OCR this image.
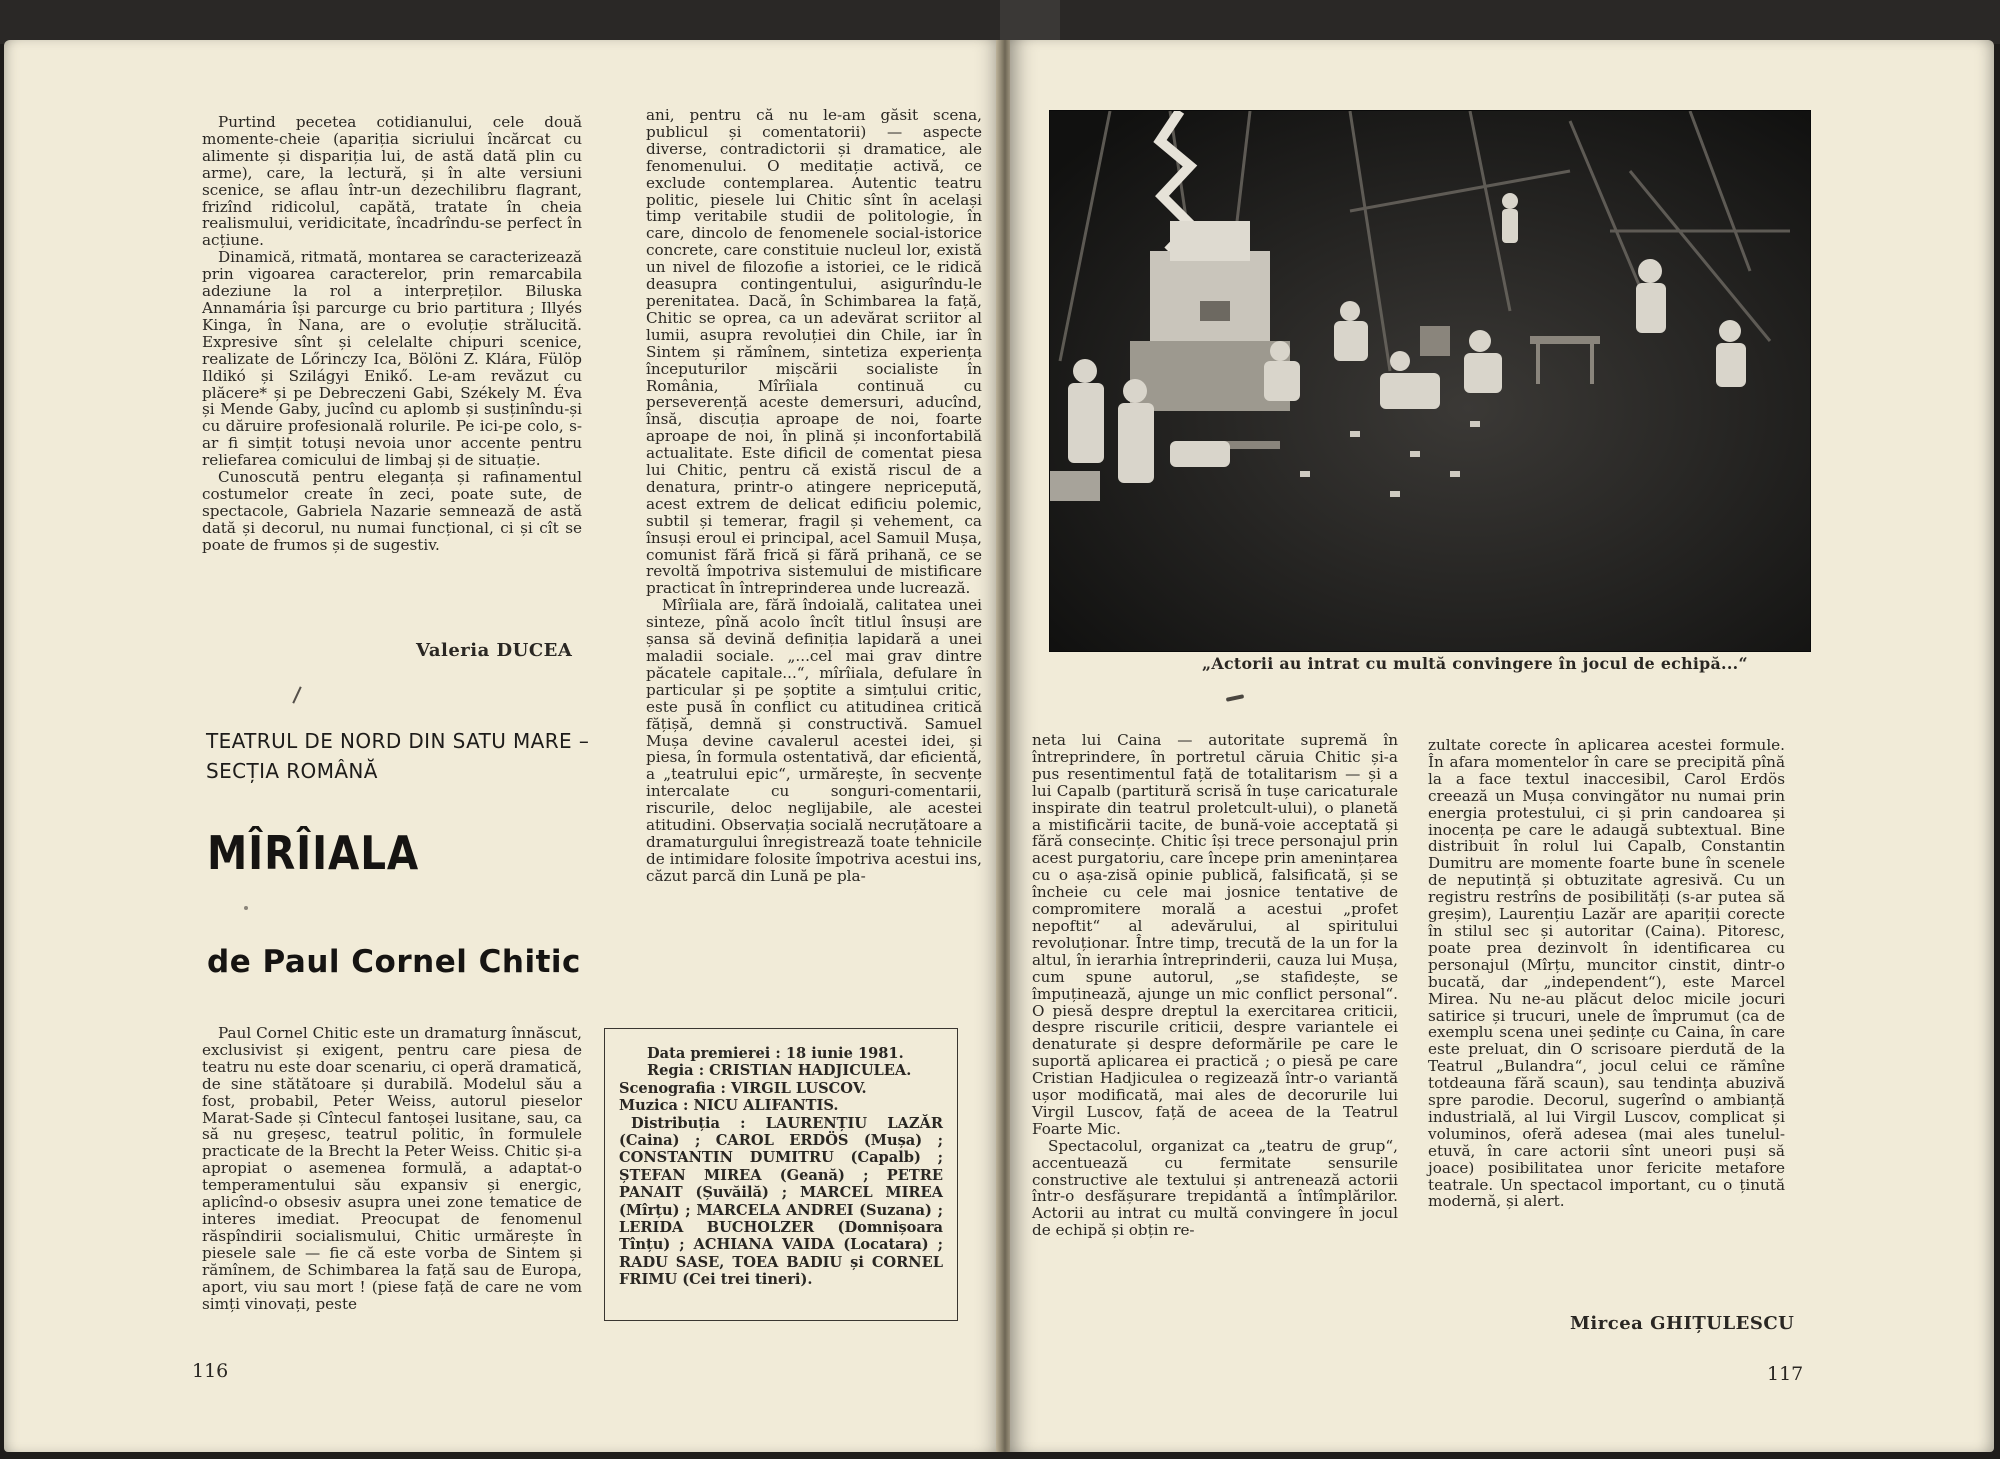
Purtind pecetea cotidianului, cele două momente-cheie (apariția sicriului încărcat cu alimente și dispariția lui, de astă dată plin cu arme), care, la lectură, și în alte versiuni scenice, se aflau într-un dezechilibru flagrant, frizînd ridicolul, capătă, tratate în cheia realismului, veridicitate, încadrîndu-se perfect în acțiune.

Dinamică, ritmată, montarea se caracterizează prin vigoarea caracterelor, prin remarcabila adeziune la rol a interpreților. Biluska Annamária își parcurge cu brio partitura ; Illyés Kinga, în Nana, are o evoluție strălucită. Expresive sînt și celelalte chipuri scenice, realizate de Lőrinczy Ica, Bölöni Z. Klára, Fülöp Ildikó și Szilágyi Enikő. Le-am revăzut cu plăcere* și pe Debreczeni Gabi, Székely M. Éva și Mende Gaby, jucînd cu aplomb și susținîndu-și cu dăruire profesională rolurile. Pe ici-pe colo, s-ar fi simțit totuși nevoia unor accente pentru reliefarea comicului de limbaj și de situație.

Cunoscută pentru eleganța și rafinamentul costumelor create în zeci, poate sute, de spectacole, Gabriela Nazarie semnează de astă dată și decorul, nu numai funcțional, ci și cît se poate de frumos și de sugestiv.

Valeria DUCEA
TEATRUL DE NORD DIN SATU MARE – SECȚIA ROMÂNĂ
MÎRÎIALA
de Paul Cornel Chitic

Paul Cornel Chitic este un dramaturg înnăscut, exclusivist și exigent, pentru care piesa de teatru nu este doar scenariu, ci operă dramatică, de sine stătătoare și durabilă. Modelul său a fost, probabil, Peter Weiss, autorul pieselor Marat-Sade și Cîntecul fantoșei lusitane, sau, ca să nu greșesc, teatrul politic, în formulele practicate de la Brecht la Peter Weiss. Chitic și-a apropiat o asemenea formulă, a adaptat-o temperamentului său expansiv și energic, aplicînd-o obsesiv asupra unei zone tematice de interes imediat. Preocupat de fenomenul răspîndirii socialismului, Chitic urmărește în piesele sale — fie că este vorba de Sintem și rămînem, de Schimbarea la față sau de Europa, aport, viu sau mort ! (piese față de care ne vom simți vinovați, peste

ani, pentru că nu le-am găsit scena, publicul și comentatorii) — aspecte diverse, contradictorii și dramatice, ale fenomenului. O meditație activă, ce exclude contemplarea. Autentic teatru politic, piesele lui Chitic sînt în același timp veritabile studii de politologie, în care, dincolo de fenomenele social-istorice concrete, care constituie nucleul lor, există un nivel de filozofie a istoriei, ce le ridică deasupra contingentului, asigurîndu-le perenitatea. Dacă, în Schimbarea la față, Chitic se oprea, ca un adevărat scriitor al lumii, asupra revoluției din Chile, iar în Sintem și rămînem, sintetiza experiența începuturilor mișcării socialiste în România, Mîrîiala continuă cu perseverență aceste demersuri, aducînd, însă, discuția aproape de noi, foarte aproape de noi, în plină și inconfortabilă actualitate. Este dificil de comentat piesa lui Chitic, pentru că există riscul de a denatura, printr-o atingere nepricepută, acest extrem de delicat edificiu polemic, subtil și temerar, fragil și vehement, ca însuși eroul ei principal, acel Samuil Mușa, comunist fără frică și fără prihană, ce se revoltă împotriva sistemului de mistificare practicat în întreprinderea unde lucrează.

Mîrîiala are, fără îndoială, calitatea unei sinteze, pînă acolo încît titlul însuși are șansa să devină definiția lapidară a unei maladii sociale. „...cel mai grav dintre păcatele capitale...“, mîrîiala, defulare în particular și pe șoptite a simțului critic, este pusă în conflict cu atitudinea critică fățișă, demnă și constructivă. Samuel Mușa devine cavalerul acestei idei, și piesa, în formula ostentativă, dar eficientă, a „teatrului epic“, urmărește, în secvențe intercalate cu songuri-comentarii, riscurile, deloc neglijabile, ale acestei atitudini. Observația socială necruțătoare a dramaturgului înregistrează toate tehnicile de intimidare folosite împotriva acestui ins, căzut parcă din Lună pe pla-

Data premierei : 18 iunie 1981.

Regia : CRISTIAN HADJICULEA.

Scenografia : VIRGIL LUSCOV.

Muzica : NICU ALIFANTIS.

Distribuția : LAURENȚIU LAZĂR (Caina) ; CAROL ERDÖS (Mușa) ; CONSTANTIN DUMITRU (Capalb) ; ȘTEFAN MIREA (Geană) ; PETRE PANAIT (Șuvăilă) ; MARCEL MIREA (Mîrțu) ; MARCELA ANDREI (Suzana) ; LERIDA BUCHOLZER (Domnișoara Tînțu) ; ACHIANA VAIDA (Locatara) ; RADU SASE, TOEA BADIU și CORNEL FRIMU (Cei trei tineri).

116
„Actorii au intrat cu multă convingere în jocul de echipă...“

neta lui Caina — autoritate supremă în întreprindere, în portretul căruia Chitic și-a pus resentimentul față de totalitarism — și a lui Capalb (partitură scrisă în tușe caricaturale inspirate din teatrul proletcult-ului), o planetă a mistificării tacite, de bună-voie acceptată și fără consecințe. Chitic își trece personajul prin acest purgatoriu, care începe prin amenințarea cu o așa-zisă opinie publică, falsificată, și se încheie cu cele mai josnice tentative de compromitere morală a acestui „profet nepoftit“ al adevărului, al spiritului revoluționar. Între timp, trecută de la un for la altul, în ierarhia întreprinderii, cauza lui Mușa, cum spune autorul, „se stafidește, se împuținează, ajunge un mic conflict personal“. O piesă despre dreptul la exercitarea criticii, despre riscurile criticii, despre variantele ei denaturate și despre deformările pe care le suportă aplicarea ei practică ; o piesă pe care Cristian Hadjiculea o regizează într-o variantă ușor modificată, mai ales de decorurile lui Virgil Luscov, față de aceea de la Teatrul Foarte Mic.

Spectacolul, organizat ca „teatru de grup“, accentuează cu fermitate sensurile constructive ale textului și antrenează actorii într-o desfășurare trepidantă a întîmplărilor. Actorii au intrat cu multă convingere în jocul de echipă și obțin re-

zultate corecte în aplicarea acestei formule. În afara momentelor în care se precipită pînă la a face textul inaccesibil, Carol Erdös creează un Mușa convingător nu numai prin energia protestului, ci și prin candoarea și inocența pe care le adaugă subtextual. Bine distribuit în rolul lui Capalb, Constantin Dumitru are momente foarte bune în scenele de neputință și obtuzitate agresivă. Cu un registru restrîns de posibilități (s-ar putea să greșim), Laurențiu Lazăr are apariții corecte în stilul sec și autoritar (Caina). Pitoresc, poate prea dezinvolt în identificarea cu personajul (Mîrțu, muncitor cinstit, dintr-o bucată, dar „independent“), este Marcel Mirea. Nu ne-au plăcut deloc micile jocuri satirice și trucuri, unele de împrumut (ca de exemplu scena unei ședințe cu Caina, în care este preluat, din O scrisoare pierdută de la Teatrul „Bulandra“, jocul celui ce rămîne totdeauna fără scaun), sau tendința abuzivă spre parodie. Decorul, sugerînd o ambianță industrială, al lui Virgil Luscov, complicat și voluminos, oferă adesea (mai ales tunelul-etuvă, în care actorii sînt uneori puși să joace) posibilitatea unor fericite metafore teatrale. Un spectacol important, cu o ținută modernă, și alert.

Mircea GHIȚULESCU
117
